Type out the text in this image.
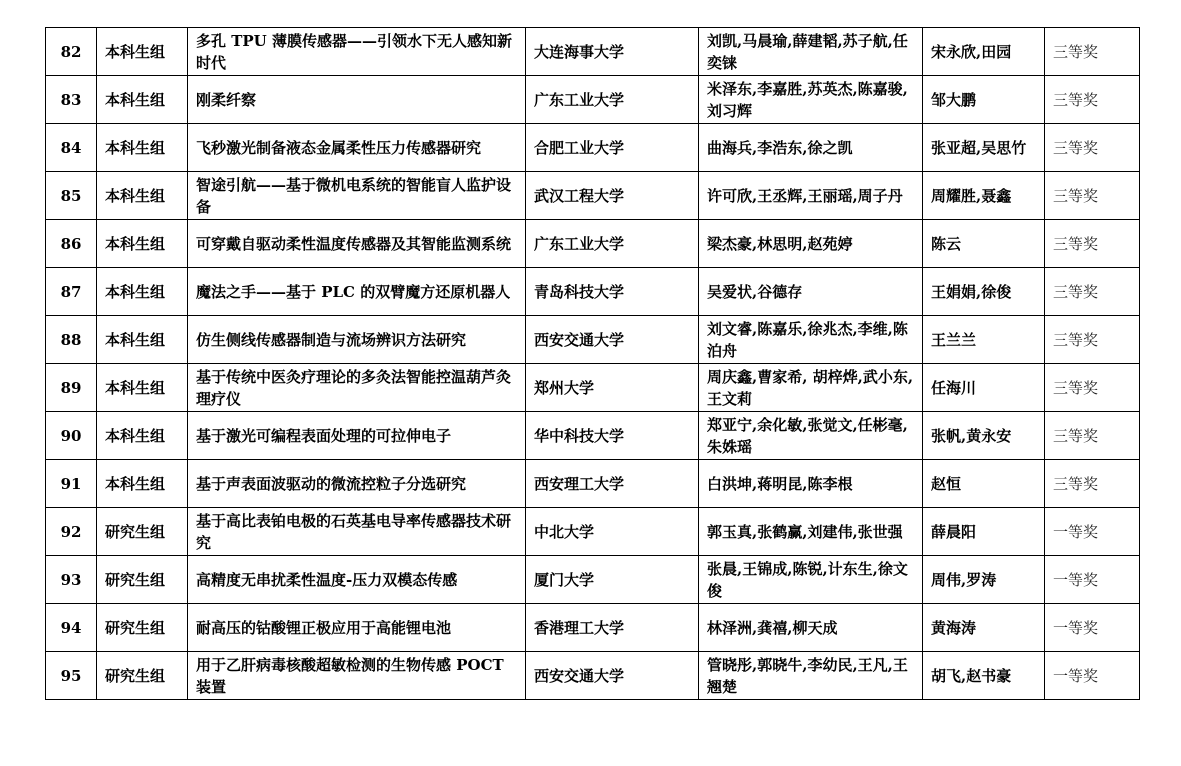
82	本科生组	多孔 TPU 薄膜传感器——引领水下无人感知新时代	大连海事大学	刘凯,马晨瑜,薛建韬,苏子航,任奕铼	宋永欣,田园	三等奖
83	本科生组	刚柔纤察	广东工业大学	米泽东,李嘉胜,苏英杰,陈嘉骏,刘习辉	邹大鹏	三等奖
84	本科生组	飞秒激光制备液态金属柔性压力传感器研究	合肥工业大学	曲海兵,李浩东,徐之凯	张亚超,吴思竹	三等奖
85	本科生组	智途引航——基于微机电系统的智能盲人监护设备	武汉工程大学	许可欣,王丞辉,王丽瑶,周子丹	周耀胜,聂鑫	三等奖
86	本科生组	可穿戴自驱动柔性温度传感器及其智能监测系统	广东工业大学	梁杰豪,林思明,赵苑婷	陈云	三等奖
87	本科生组	魔法之手——基于 PLC 的双臂魔方还原机器人	青岛科技大学	吴爱状,谷德存	王娟娟,徐俊	三等奖
88	本科生组	仿生侧线传感器制造与流场辨识方法研究	西安交通大学	刘文睿,陈嘉乐,徐兆杰,李维,陈泊舟	王兰兰	三等奖
89	本科生组	基于传统中医灸疗理论的多灸法智能控温葫芦灸理疗仪	郑州大学	周庆鑫,曹家希, 胡梓烨,武小东,王文莉	任海川	三等奖
90	本科生组	基于激光可编程表面处理的可拉伸电子	华中科技大学	郑亚宁,余化敏,张觉文,任彬毫,朱姝瑶	张帆,黄永安	三等奖
91	本科生组	基于声表面波驱动的微流控粒子分选研究	西安理工大学	白洪坤,蒋明昆,陈李根	赵恒	三等奖
92	研究生组	基于高比表铂电极的石英基电导率传感器技术研究	中北大学	郭玉真,张鹤赢,刘建伟,张世强	薛晨阳	一等奖
93	研究生组	高精度无串扰柔性温度-压力双模态传感	厦门大学	张晨,王锦成,陈锐,计东生,徐文俊	周伟,罗涛	一等奖
94	研究生组	耐高压的钴酸锂正极应用于高能锂电池	香港理工大学	林泽洲,龚禧,柳天成	黄海涛	一等奖
95	研究生组	用于乙肝病毒核酸超敏检测的生物传感 POCT 装置	西安交通大学	管晓彤,郭晓牛,李幼民,王凡,王翘楚	胡飞,赵书豪	一等奖
